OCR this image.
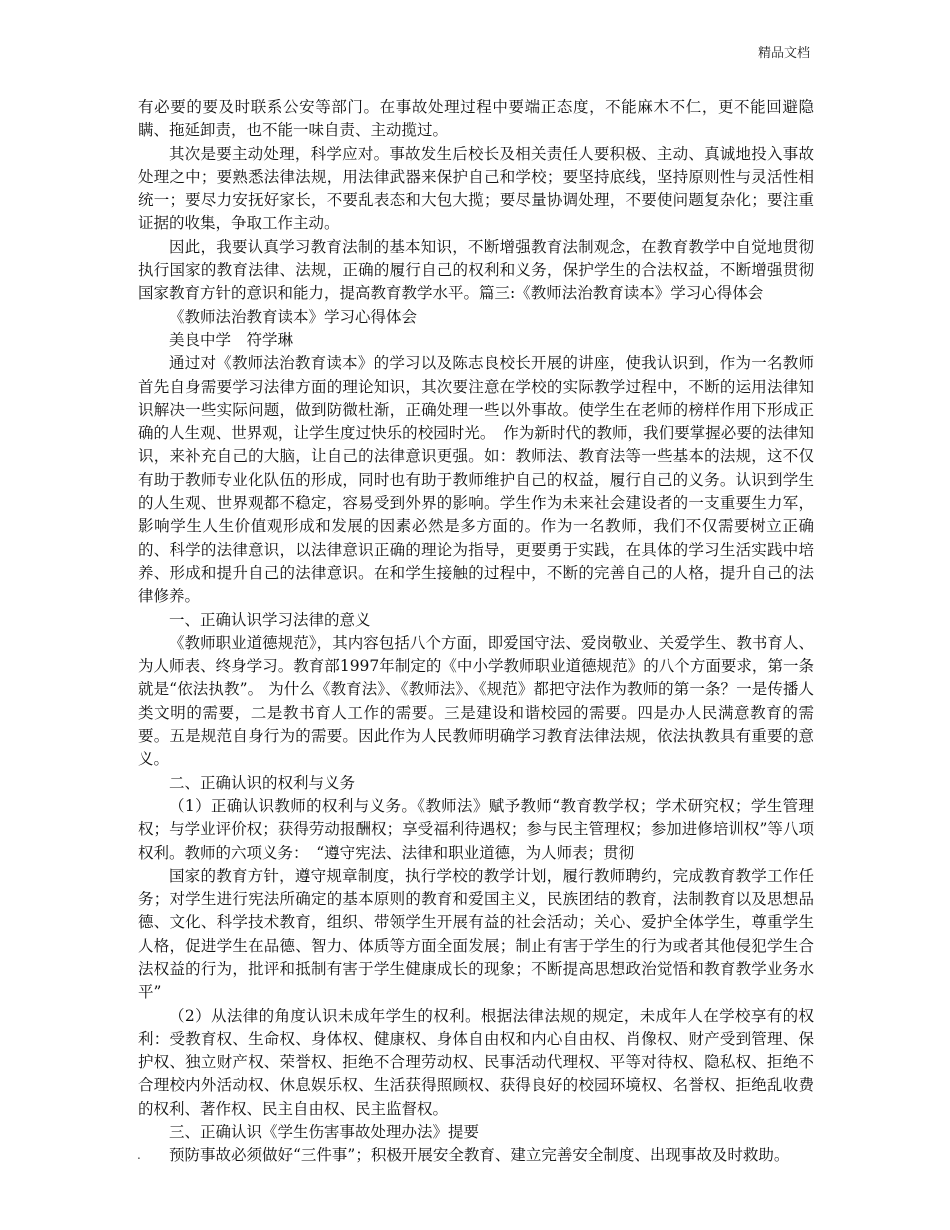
精品文档

有必要的要及时联系公安等部门。在事故处理过程中要端正态度，不能麻木不仁，更不能回避隐瞒、拖延卸责，也不能一味自责、主动揽过。

其次是要主动处理，科学应对。事故发生后校长及相关责任人要积极、主动、真诚地投入事故处理之中；要熟悉法律法规，用法律武器来保护自己和学校；要坚持底线，坚持原则性与灵活性相统一；要尽力安抚好家长，不要乱表态和大包大揽；要尽量协调处理，不要使问题复杂化；要注重证据的收集，争取工作主动。

因此，我要认真学习教育法制的基本知识，不断增强教育法制观念，在教育教学中自觉地贯彻执行国家的教育法律、法规，正确的履行自己的权利和义务，保护学生的合法权益，不断增强贯彻国家教育方针的意识和能力，提高教育教学水平。篇三:《教师法治教育读本》学习心得体会

《教师法治教育读本》学习心得体会

美良中学　符学琳

通过对《教师法治教育读本》的学习以及陈志良校长开展的讲座，使我认识到，作为一名教师首先自身需要学习法律方面的理论知识，其次要注意在学校的实际教学过程中，不断的运用法律知识解决一些实际问题，做到防微杜渐，正确处理一些以外事故。使学生在老师的榜样作用下形成正确的人生观、世界观，让学生度过快乐的校园时光。　作为新时代的教师，我们要掌握必要的法律知识，来补充自己的大脑，让自己的法律意识更强。如：教师法、教育法等一些基本的法规，这不仅有助于教师专业化队伍的形成，同时也有助于教师维护自己的权益，履行自己的义务。认识到学生的人生观、世界观都不稳定，容易受到外界的影响。学生作为未来社会建设者的一支重要生力军，影响学生人生价值观形成和发展的因素必然是多方面的。作为一名教师，我们不仅需要树立正确的、科学的法律意识，以法律意识正确的理论为指导，更要勇于实践，在具体的学习生活实践中培养、形成和提升自己的法律意识。在和学生接触的过程中，不断的完善自己的人格，提升自己的法律修养。

一、正确认识学习法律的意义

《教师职业道德规范》，其内容包括八个方面，即爱国守法、爱岗敬业、关爱学生、教书育人、为人师表、终身学习。教育部1997年制定的《中小学教师职业道德规范》的八个方面要求，第一条就是“依法执教”。 为什么《教育法》、《教师法》、《规范》都把守法作为教师的第一条？一是传播人类文明的需要，二是教书育人工作的需要。三是建设和谐校园的需要。四是办人民满意教育的需要。五是规范自身行为的需要。因此作为人民教师明确学习教育法律法规，依法执教具有重要的意义。

二、正确认识的权利与义务

（1）正确认识教师的权利与义务。《教师法》赋予教师“教育教学权；学术研究权；学生管理权；与学业评价权；获得劳动报酬权；享受福利待遇权；参与民主管理权；参加进修培训权”等八项权利。教师的六项义务：　“遵守宪法、法律和职业道德，为人师表；贯彻

国家的教育方针，遵守规章制度，执行学校的教学计划，履行教师聘约，完成教育教学工作任务；对学生进行宪法所确定的基本原则的教育和爱国主义，民族团结的教育，法制教育以及思想品德、文化、科学技术教育，组织、带领学生开展有益的社会活动；关心、爱护全体学生，尊重学生人格，促进学生在品德、智力、体质等方面全面发展；制止有害于学生的行为或者其他侵犯学生合法权益的行为，批评和抵制有害于学生健康成长的现象；不断提高思想政治觉悟和教育教学业务水平”

（2）从法律的角度认识未成年学生的权利。根据法律法规的规定，未成年人在学校享有的权利：受教育权、生命权、身体权、健康权、身体自由权和内心自由权、肖像权、财产受到管理、保护权、独立财产权、荣誉权、拒绝不合理劳动权、民事活动代理权、平等对待权、隐私权、拒绝不合理校内外活动权、休息娱乐权、生活获得照顾权、获得良好的校园环境权、名誉权、拒绝乱收费的权利、著作权、民主自由权、民主监督权。

三、正确认识《学生伤害事故处理办法》提要

预防事故必须做好“三件事”；积极开展安全教育、建立完善安全制度、出现事故及时救助。

.
